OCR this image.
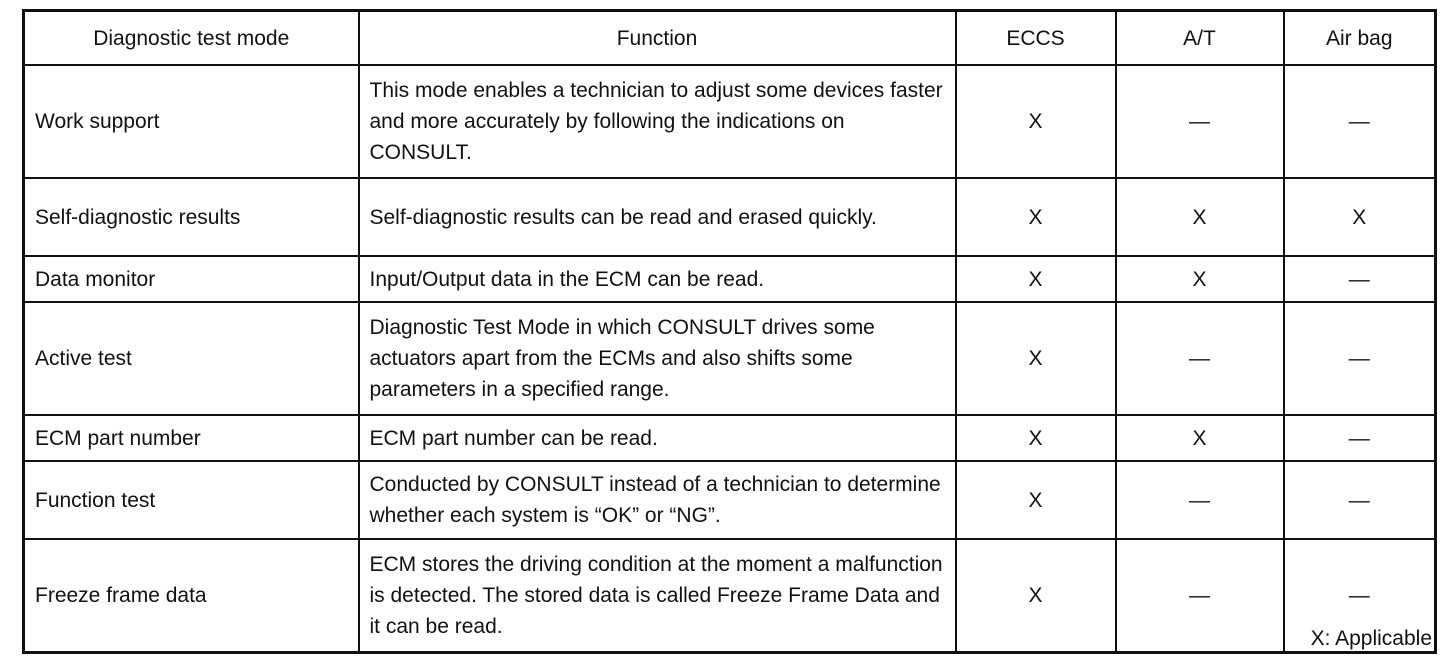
Diagnostic test mode	Function	ECCS	A/T	Air bag
Work support	This mode enables a technician to adjust some devices faster and more accurately by following the indications on CONSULT.	X	—	—
Self-diagnostic results	Self-diagnostic results can be read and erased quickly.	X	X	X
Data monitor	Input/Output data in the ECM can be read.	X	X	—
Active test	Diagnostic Test Mode in which CONSULT drives some actuators apart from the ECMs and also shifts some parameters in a specified range.	X	—	—
ECM part number	ECM part number can be read.	X	X	—
Function test	Conducted by CONSULT instead of a technician to determine whether each system is “OK” or “NG”.	X	—	—
Freeze frame data	ECM stores the driving condition at the moment a malfunction is detected. The stored data is called Freeze Frame Data and it can be read.	X	—	—
X: Applicable
